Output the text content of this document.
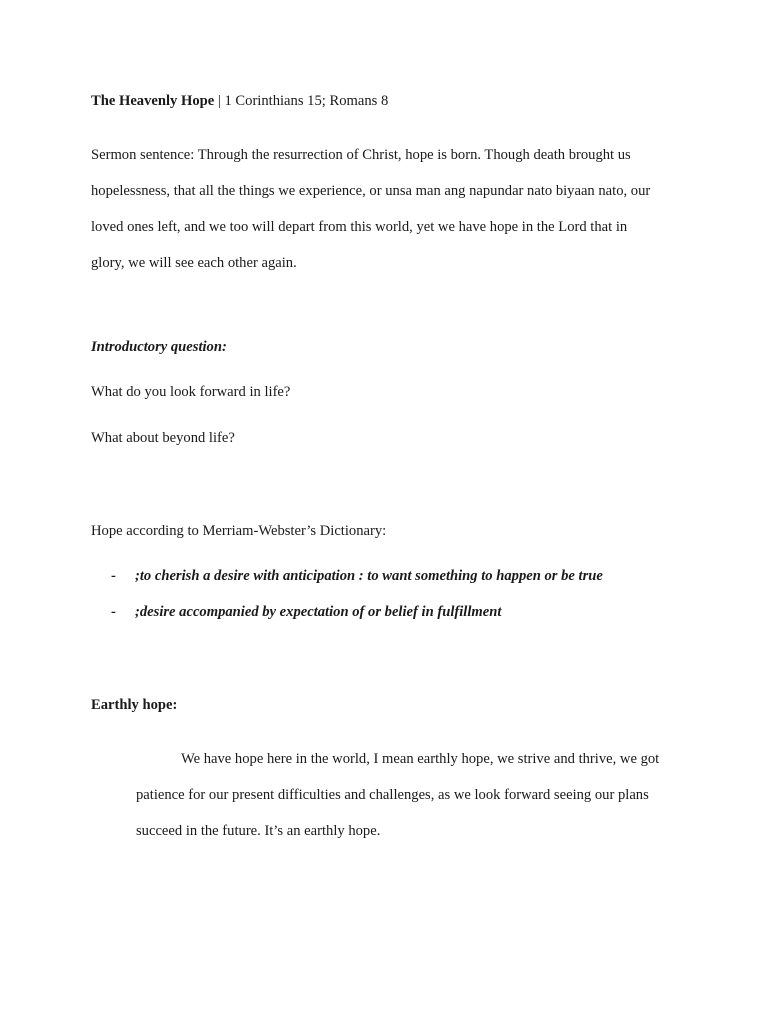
The Heavenly Hope | 1 Corinthians 15; Romans 8

Sermon sentence: Through the resurrection of Christ, hope is born. Though death brought us
hopelessness, that all the things we experience, or unsa man ang napundar nato biyaan nato, our
loved ones left, and we too will depart from this world, yet we have hope in the Lord that in
glory, we will see each other again.

Introductory question:
What do you look forward in life?
What about beyond life?
Hope according to Merriam-Webster’s Dictionary:
- ;to cherish a desire with anticipation : to want something to happen or be true
- ;desire accompanied by expectation of or belief in fulfillment
Earthly hope:
We have hope here in the world, I mean earthly hope, we strive and thrive, we got
patience for our present difficulties and challenges, as we look forward seeing our plans
succeed in the future. It’s an earthly hope.
